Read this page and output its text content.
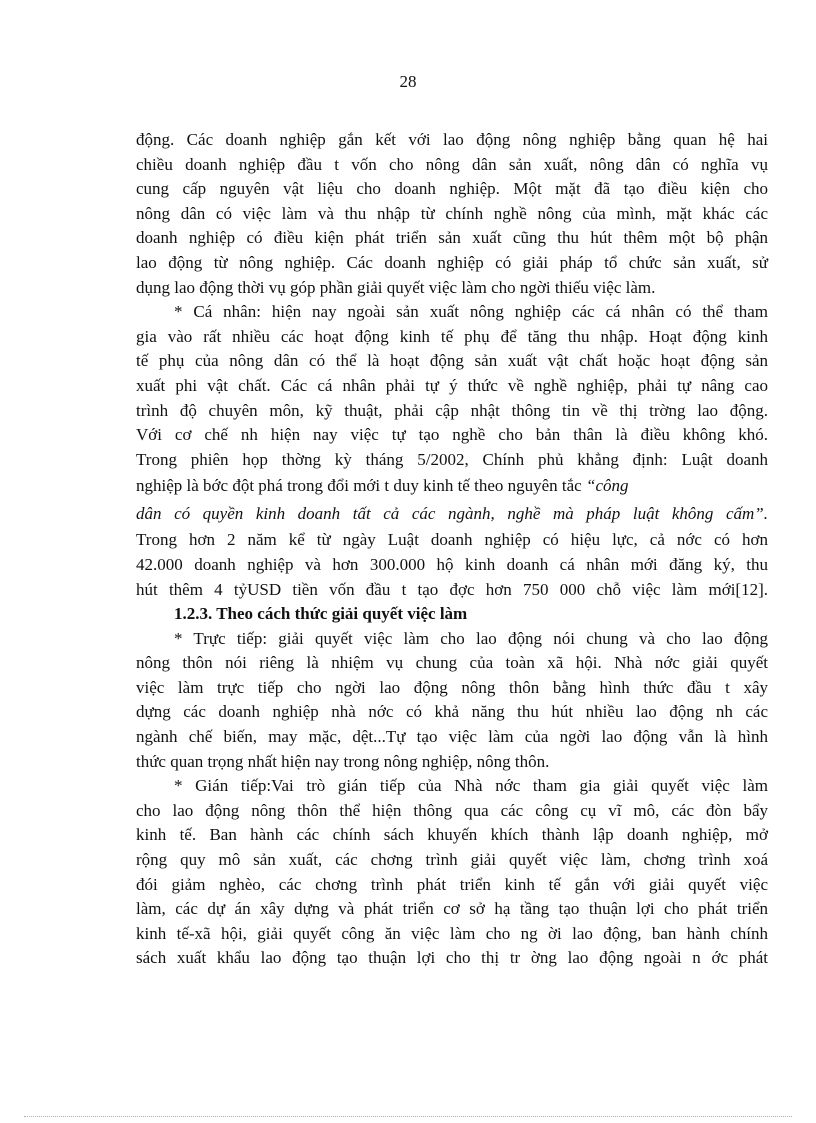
28
động. Các doanh nghiệp gắn kết với lao động nông nghiệp bằng quan hệ hai
chiều doanh nghiệp đầu t vốn cho nông dân sản xuất, nông dân có nghĩa vụ
cung cấp nguyên vật liệu cho doanh nghiệp. Một mặt đã tạo điều kiện cho
nông dân có việc làm và thu nhập từ chính nghề nông của mình, mặt khác các
doanh nghiệp có điều kiện phát triển sản xuất cũng thu hút thêm một bộ phận
lao động từ nông nghiệp. Các doanh nghiệp có giải pháp tổ chức sản xuất, sử
dụng lao động thời vụ góp phần giải quyết việc làm cho ngời thiếu việc làm.
* Cá nhân: hiện nay ngoài sản xuất nông nghiệp các cá nhân có thể tham
gia vào rất nhiều các hoạt động kinh tế phụ để tăng thu nhập. Hoạt động kinh
tế phụ của nông dân có thể là hoạt động sản xuất vật chất hoặc hoạt động sản
xuất phi vật chất. Các cá nhân phải tự ý thức về nghề nghiệp, phải tự nâng cao
trình độ chuyên môn, kỹ thuật, phải cập nhật thông tin về thị trờng lao động.
Với cơ chế nh hiện nay việc tự tạo nghề cho bản thân là điều không khó.
Trong phiên họp thờng kỳ tháng 5/2002, Chính phủ khẳng định: Luật doanh
nghiệp là bớc đột phá trong đổi mới t duy kinh tế theo nguyên tắc “công
dân có quyền kinh doanh tất cả các ngành, nghề mà pháp luật không cấm”.
Trong hơn 2 năm kể từ ngày Luật doanh nghiệp có hiệu lực, cả nớc có hơn
42.000 doanh nghiệp và hơn 300.000 hộ kinh doanh cá nhân mới đăng ký, thu
hút thêm 4 tỷUSD tiền vốn đầu t tạo đợc hơn 750 000 chỗ việc làm mới[12].
1.2.3. Theo cách thức giải quyết việc làm
* Trực tiếp: giải quyết việc làm cho lao động nói chung và cho lao động
nông thôn nói riêng là nhiệm vụ chung của toàn xã hội. Nhà nớc giải quyết
việc làm trực tiếp cho ngời lao động nông thôn bằng hình thức đầu t xây
dựng các doanh nghiệp nhà nớc có khả năng thu hút nhiều lao động nh các
ngành chế biến, may mặc, dệt...Tự tạo việc làm của ngời lao động vẫn là hình
thức quan trọng nhất hiện nay trong nông nghiệp, nông thôn.
* Gián tiếp:Vai trò gián tiếp của Nhà nớc tham gia giải quyết việc làm
cho lao động nông thôn thể hiện thông qua các công cụ vĩ mô, các đòn bẩy
kinh tế. Ban hành các chính sách khuyến khích thành lập doanh nghiệp, mở
rộng quy mô sản xuất, các chơng trình giải quyết việc làm, chơng trình xoá
đói giảm nghèo, các chơng trình phát triển kinh tế gắn với giải quyết việc
làm, các dự án xây dựng và phát triển cơ sở hạ tầng tạo thuận lợi cho phát triển
kinh tế-xã hội, giải quyết công ăn việc làm cho ng ời lao động, ban hành chính
sách xuất khẩu lao động tạo thuận lợi cho thị tr ờng lao động ngoài n ớc phát
